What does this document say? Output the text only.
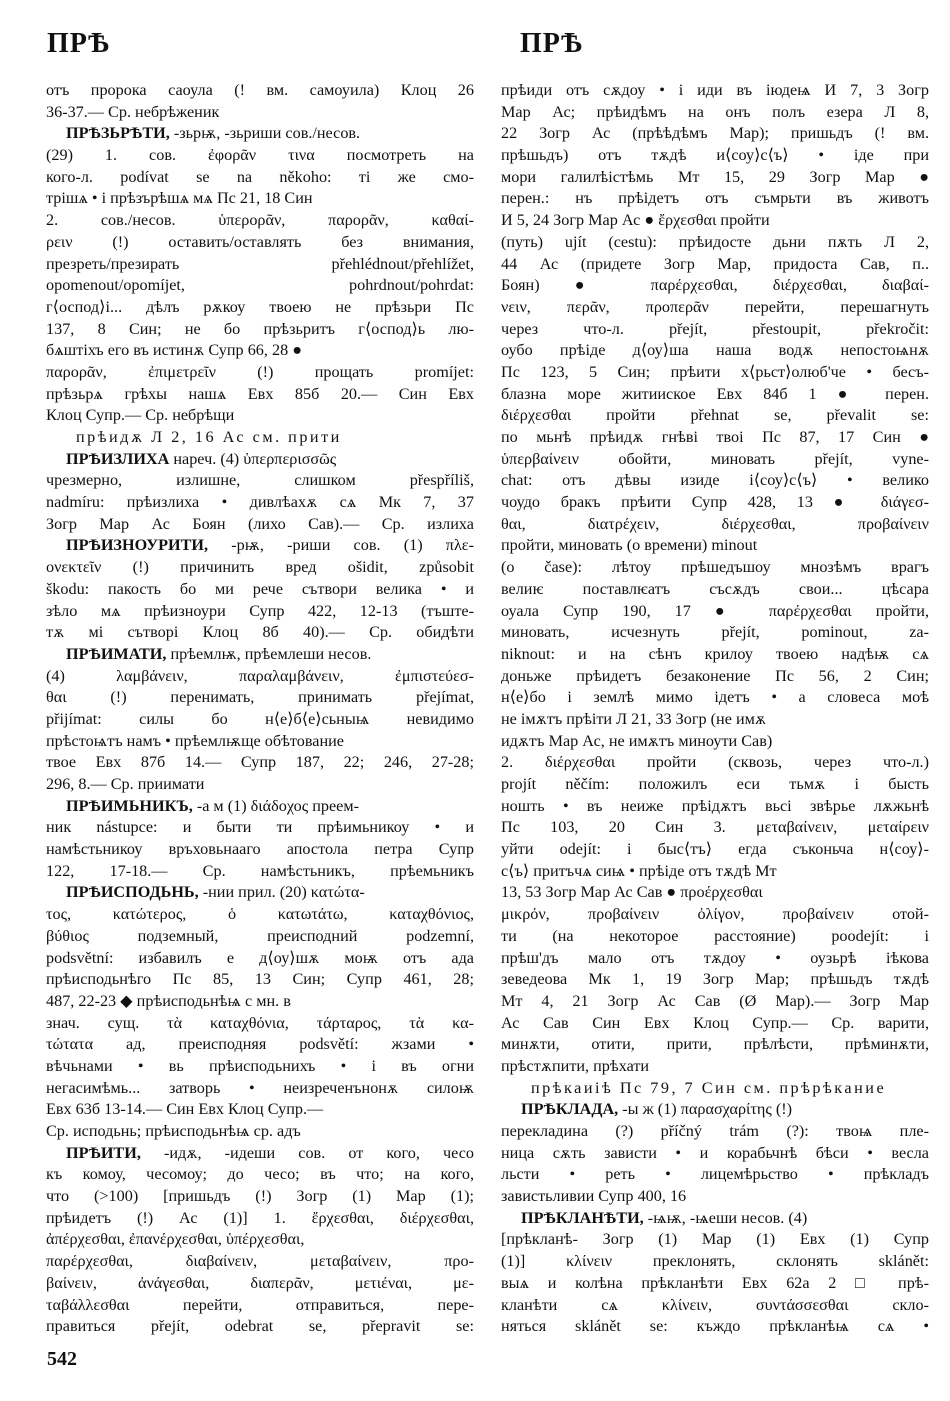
ПРѢ	ПРѢ
отъ пророка саоула (! вм. самоуила) Клоц 26
36-37.— Ср. небрѣженик
ПРѢЗЬРѢТИ, -зьрѭ, -зьриши сов./несов.
(29) 1. сов. ἐφορᾶν τινα посмотреть на
кого-л. podívat se na někoho: ті же смо-
трішѧ • і прѣзърѣшѧ мѧ Пс 21, 18 Син
2. сов./несов. ὑπερορᾶν, παρορᾶν, καθαί-
ρειν (!) оставить/оставлять без внимания,
презреть/презирать přehlédnout/přehlížet,
opomenout/opomíjet, pohrdnout/pohrdat:
г⟨оспод⟩і... дѣлъ рѫкоу твоею не прѣзьри Пс
137, 8 Син; не бо прѣзьритъ г⟨оспод⟩ь лю-
бѧштіхъ его въ истинѫ Супр 66, 28 ●
παρορᾶν, ἐπιμετρεῖν (!) прощать promíjet:
прѣзьрѧ грѣхы нашѧ Евх 85б 20.— Син Евх
Клоц Супр.— Ср. небрѣщи
прѣидѫ Л 2, 16 Ас см. прити
ПРѢИЗЛИХА нареч. (4) ὑπερπερισσῶς
чрезмерно, излишне, слишком přespříliš,
nadmíru: прѣизлиха • дивлѣахѫ сѧ Мк 7, 37
Зогр Мар Ас Боян (лихо Сав).— Ср. излиха
ПРѢИЗНОУРИТИ, -рѭ, -риши сов. (1) πλε-
ονεκτεῖν (!) причинить вред ošidit, způsobit
škodu: пакость бо ми рече сътвори велика • и
зѣло мѧ прѣизноури Супр 422, 12-13 (тъште-
тѫ мі сътворі Клоц 8б 40).— Ср. обидѣти
ПРѢИМАТИ, прѣемлѭ, прѣемлеши несов.
(4) λαμβάνειν, παραλαμβάνειν, ἐμπιστεύεσ-
θαι (!) перенимать, принимать přejímat,
přijímat: силы бо н⟨е⟩б⟨е⟩сьныѩ невидимо
прѣстоѩтъ намъ • прѣемлѭще обѣтование
твое Евх 87б 14.— Супр 187, 22; 246, 27-28;
296, 8.— Ср. приимати
ПРѢИМЬНИКЪ, -а м (1) διάδοχος преем-
ник nástupce: и быти ти прѣимьникоу • и
намѣстьникоу връховьнааго апостола петра Супр
122, 17-18.— Ср. намѣстьникъ, прѣемьникъ
ПРѢИСПОДЬНЬ, -нии прил. (20) κατώτα-
τος, κατώτερος, ὁ κατωτάτω, καταχθόνιος,
βύθιος подземный, преисподний podzemní,
podsvětní: избавилъ е д⟨оу⟩шѫ моѭ отъ ада
прѣисподьнѣго Пс 85, 13 Син; Супр 461, 28;
487, 22-23 ◆ прѣисподьнѣѩ с мн. в
знач. сущ. τὰ καταχθόνια, τάρταρος, τὰ κα-
τώτατα ад, преисподняя podsvětí: жзами •
вѣчьнами • вь прѣисподьнихъ • і въ огни
негасимѣмь... затворь • неизреченънонѫ силоѭ
Евх 63б 13-14.— Син Евх Клоц Супр.—
Ср. исподьнь; прѣисподьнѣѩ ср. адъ
ПРѢИТИ, -идѫ, -идеши сов. от кого, чесо
къ комоу, чесомоу; до чесо; въ что; на кого,
что (>100) [пришьдъ (!) Зогр (1) Мар (1);
прѣидетъ (!) Ас (1)] 1. ἔρχεσθαι, διέρχεσθαι,
ἀπέρχεσθαι, ἐπανέρχεσθαι, ὑπέρχεσθαι,
παρέρχεσθαι, διαβαίνειν, μεταβαίνειν, προ-
βαίνειν, ἀνάγεσθαι, διαπερᾶν, μετιέναι, με-
ταβάλλεσθαι перейти, отправиться, пере-
правиться přejít, odebrat se, přepravit se:
прѣиди отъ сѫдоу • і иди въ іюдеѩ И 7, 3 Зогр
Мар Ас; прѣидѣмъ на онъ полъ езера Л 8,
22 Зогр Ас (прѣѣдѣмъ Мар); пришьдъ (! вм.
прѣшьдъ) отъ тѫдѣ и⟨соу⟩с⟨ъ⟩ • іде при
мори галилѣістѣмь Мт 15, 29 Зогр Мар ●
перен.: нъ прѣідетъ отъ съмрьти въ животъ
И 5, 24 Зогр Мар Ас ● ἔρχεσθαι пройти
(путь) ujít (cestu): прѣидосте дьни пѫть Л 2,
44 Ас (придете Зогр Мар, придоста Сав, п..
Боян) ● παρέρχεσθαι, διέρχεσθαι, διαβαί-
νειν, περᾶν, προπερᾶν перейти, перешагнуть
через что-л. přejít, přestoupit, překročit:
оубо прѣіде д⟨оу⟩ша наша водѫ непостоѩнѫ
Пс 123, 5 Син; прѣити х⟨рьст⟩олюб'че • бесъ-
блазна море житииское Евх 84б 1 ● перен.
διέρχεσθαι пройти přehnat se, převalit se:
по мьнѣ прѣидѫ гнѣві твоі Пс 87, 17 Син ●
ὑπερβαίνειν обойти, миновать přejít, vyne-
chat: отъ дѣвы изиде і⟨соу⟩с⟨ъ⟩ • велико
чоудо бракъ прѣити Супр 428, 13 ● διάγεσ-
θαι, διατρέχειν, διέρχεσθαι, προβαίνειν
пройти, миновать (о времени) minout
(o čase): лѣтоу прѣшедъшоу мнозѣмъ врагъ
велиѥ поставлѥатъ съсѫдъ свои... цѣсара
оуала Супр 190, 17 ● παρέρχεσθαι пройти,
миновать, исчезнуть přejít, pominout, za-
niknout: и на сѣнъ крилоу твоею надѣѭ сѧ
доньже прѣидетъ безаконение Пс 56, 2 Син;
н⟨е⟩бо і землѣ мимо ідетъ • а словеса моѣ
не імѫтъ прѣіти Л 21, 33 Зогр (не имѫ
идѫтъ Мар Ас, не имѫтъ миноути Сав)
2. διέρχεσθαι пройти (сквозь, через что-л.)
projít něčím: положилъ еси тьмѫ і бысть
ношть • въ неиже прѣідѫтъ вьсі звѣрье лѫжьнѣ
Пс 103, 20 Син 3. μεταβαίνειν, μεταίρειν
уйти odejít: і быс⟨тъ⟩ егда съконьча н⟨соу⟩-
с⟨ъ⟩ притъчѧ сиѩ • прѣіде отъ тѫдѣ Мт
13, 53 Зогр Мар Ас Сав ● προέρχεσθαι
μικρόν, προβαίνειν ὀλίγον, προβαίνειν отой-
ти (на некоторое расстояние) poodejít: і
прѣш'дъ мало отъ тѫдоу • оузьрѣ іѣкова
зеведеова Мк 1, 19 Зогр Мар; прѣшьдъ тѫдѣ
Мт 4, 21 Зогр Ас Сав (Ø Мар).— Зогр Мар
Ас Сав Син Евх Клоц Супр.— Ср. варити,
минѫти, отити, прити, прѣлѣсти, прѣминѫти,
прѣстѫпити, прѣхати
прѣкаиіѣ Пс 79, 7 Син см. прѣрѣкание
ПРѢКЛАДА, -ы ж (1) παρασχαρίτης (!)
перекладина (?) příčný trám (?): твоѩ пле-
ница сѫть зависти • и корабьчнѣ бѣси • весла
льсти • реть • лицемѣрьство • прѣкладъ
завистьливии Супр 400, 16
ПРѢКЛАНѢТИ, -ѩѭ, -ѩеши несов. (4)
[прѣкланѣ- Зогр (1) Мар (1) Евх (1) Супр
(1)] κλίνειν преклонять, склонять sklánět:
выѧ и колѣна прѣкланѣти Евх 62а 2 □ прѣ-
кланѣти сѧ κλίνειν, συντάσσεσθαι скло-
няться sklánět se: къждо прѣкланѣѩ сѧ •
542
